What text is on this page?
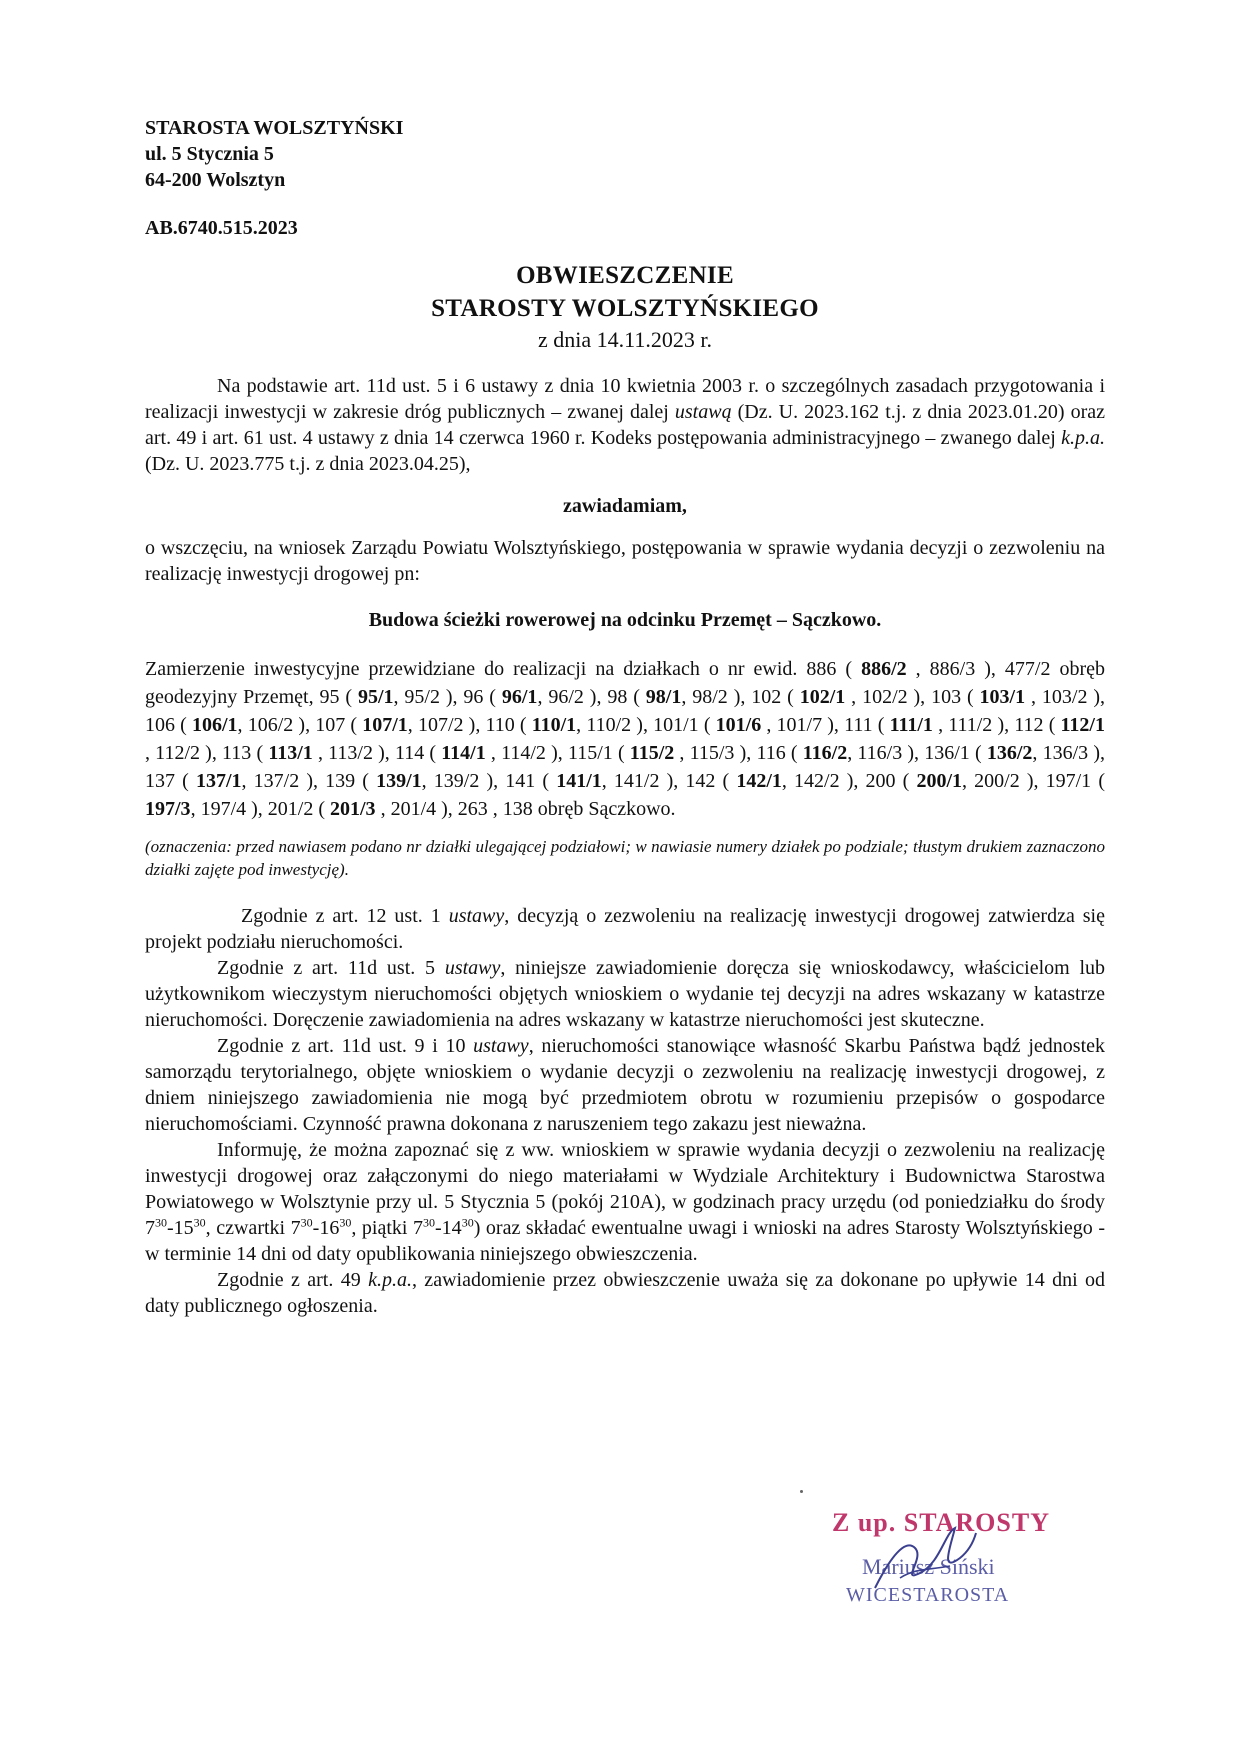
STAROSTA WOLSZTYŃSKI
ul. 5 Stycznia 5
64-200 Wolsztyn
AB.6740.515.2023
OBWIESZCZENIE
STAROSTY WOLSZTYŃSKIEGO
z dnia 14.11.2023 r.

Na podstawie art. 11d ust. 5 i 6 ustawy z dnia 10 kwietnia 2003 r. o szczególnych zasadach przygotowania i realizacji inwestycji w zakresie dróg publicznych – zwanej dalej ustawą (Dz. U. 2023.162 t.j. z dnia 2023.01.20) oraz art. 49 i art. 61 ust. 4 ustawy z dnia 14 czerwca 1960 r. Kodeks postępowania administracyjnego – zwanego dalej k.p.a. (Dz. U. 2023.775 t.j. z dnia 2023.04.25),

zawiadamiam,

o wszczęciu, na wniosek Zarządu Powiatu Wolsztyńskiego, postępowania w sprawie wydania decyzji o zezwoleniu na realizację inwestycji drogowej pn:

Budowa ścieżki rowerowej na odcinku Przemęt – Sączkowo.

Zamierzenie inwestycyjne przewidziane do realizacji na działkach o nr ewid. 886 ( 886/2 , 886/3 ), 477/2 obręb geodezyjny Przemęt, 95 ( 95/1, 95/2 ), 96 ( 96/1, 96/2 ), 98 ( 98/1, 98/2 ), 102 ( 102/1 , 102/2 ), 103 ( 103/1 , 103/2 ), 106 ( 106/1, 106/2 ), 107 ( 107/1, 107/2 ), 110 ( 110/1, 110/2 ), 101/1 ( 101/6 , 101/7 ), 111 ( 111/1 , 111/2 ), 112 ( 112/1 , 112/2 ), 113 ( 113/1 , 113/2 ), 114 ( 114/1 , 114/2 ), 115/1 ( 115/2 , 115/3 ), 116 ( 116/2, 116/3 ), 136/1 ( 136/2, 136/3 ), 137 ( 137/1, 137/2 ), 139 ( 139/1, 139/2 ), 141 ( 141/1, 141/2 ), 142 ( 142/1, 142/2 ), 200 ( 200/1, 200/2 ), 197/1 ( 197/3, 197/4 ), 201/2 ( 201/3 , 201/4 ), 263 , 138 obręb Sączkowo.

(oznaczenia: przed nawiasem podano nr działki ulegającej podziałowi; w nawiasie numery działek po podziale; tłustym drukiem zaznaczono działki zajęte pod inwestycję).

Zgodnie z art. 12 ust. 1 ustawy, decyzją o zezwoleniu na realizację inwestycji drogowej zatwierdza się projekt podziału nieruchomości.

Zgodnie z art. 11d ust. 5 ustawy, niniejsze zawiadomienie doręcza się wnioskodawcy, właścicielom lub użytkownikom wieczystym nieruchomości objętych wnioskiem o wydanie tej decyzji na adres wskazany w katastrze nieruchomości. Doręczenie zawiadomienia na adres wskazany w katastrze nieruchomości jest skuteczne.

Zgodnie z art. 11d ust. 9 i 10 ustawy, nieruchomości stanowiące własność Skarbu Państwa bądź jednostek samorządu terytorialnego, objęte wnioskiem o wydanie decyzji o zezwoleniu na realizację inwestycji drogowej, z dniem niniejszego zawiadomienia nie mogą być przedmiotem obrotu w rozumieniu przepisów o gospodarce nieruchomościami. Czynność prawna dokonana z naruszeniem tego zakazu jest nieważna.

Informuję, że można zapoznać się z ww. wnioskiem w sprawie wydania decyzji o zezwoleniu na realizację inwestycji drogowej oraz załączonymi do niego materiałami w Wydziale Architektury i Budownictwa Starostwa Powiatowego w Wolsztynie przy ul. 5 Stycznia 5 (pokój 210A), w godzinach pracy urzędu (od poniedziałku do środy $7^{30}-15^{30}$, czwartki $7^{30}-16^{30}$, piątki $7^{30}-14^{30}$) oraz składać ewentualne uwagi i wnioski na adres Starosty Wolsztyńskiego - w terminie 14 dni od daty opublikowania niniejszego obwieszczenia.

Zgodnie z art. 49 k.p.a., zawiadomienie przez obwieszczenie uważa się za dokonane po upływie 14 dni od daty publicznego ogłoszenia.

Z up. STAROSTY
Mariusz Siński
WICESTAROSTA
